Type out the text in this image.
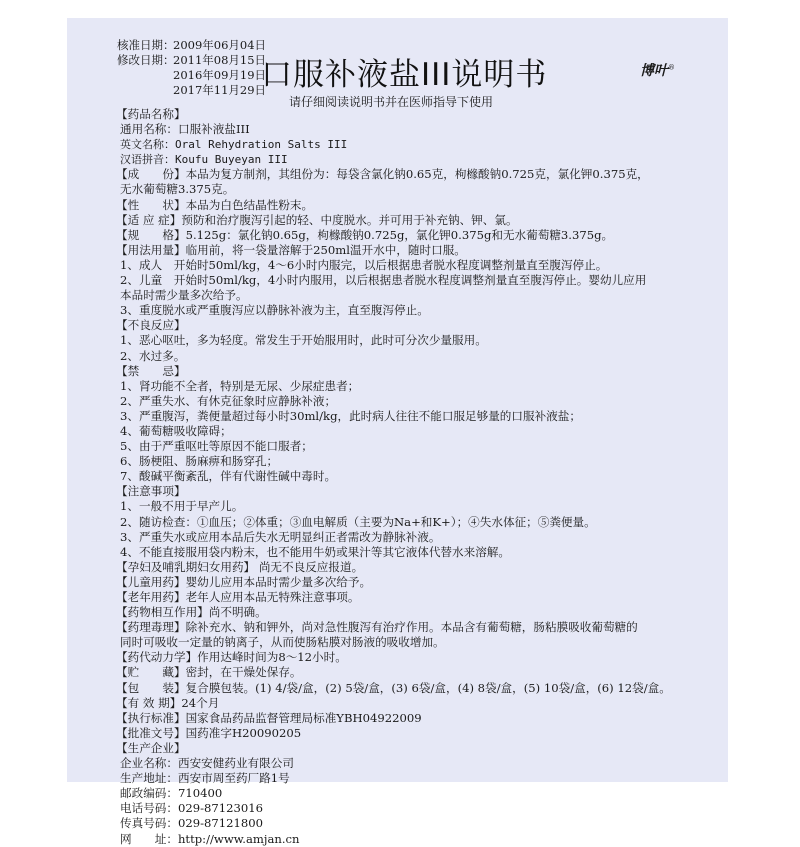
核准日期：
2009年06月04日
修改日期：
2011年08月15日
2016年09月19日
2017年11月29日
口服补液盐III说明书
请仔细阅读说明书并在医师指导下使用
博叶®
【药品名称】
通用名称：口服补液盐III
英文名称：Oral Rehydration Salts III
汉语拼音：Koufu Buyeyan III
【成　　份】本品为复方制剂，其组份为：每袋含氯化钠0.65克，枸橼酸钠0.725克，氯化钾0.375克，
无水葡萄糖3.375克。
【性　　状】本品为白色结晶性粉末。
【适 应 症】预防和治疗腹泻引起的轻、中度脱水。并可用于补充钠、钾、氯。
【规　　格】5.125g：氯化钠0.65g，枸橼酸钠0.725g，氯化钾0.375g和无水葡萄糖3.375g。
【用法用量】临用前，将一袋量溶解于250ml温开水中，随时口服。
1、成人　开始时50ml/kg，4～6小时内服完，以后根据患者脱水程度调整剂量直至腹泻停止。
2、儿童　开始时50ml/kg，4小时内服用，以后根据患者脱水程度调整剂量直至腹泻停止。婴幼儿应用
本品时需少量多次给予。
3、重度脱水或严重腹泻应以静脉补液为主，直至腹泻停止。
【不良反应】
1、恶心呕吐，多为轻度。常发生于开始服用时，此时可分次少量服用。
2、水过多。
【禁　　忌】
1、肾功能不全者，特别是无尿、少尿症患者；
2、严重失水、有休克征象时应静脉补液；
3、严重腹泻，粪便量超过每小时30ml/kg，此时病人往往不能口服足够量的口服补液盐；
4、葡萄糖吸收障碍；
5、由于严重呕吐等原因不能口服者；
6、肠梗阻、肠麻痹和肠穿孔；
7、酸碱平衡紊乱，伴有代谢性碱中毒时。
【注意事项】
1、一般不用于早产儿。
2、随访检查：①血压；②体重；③血电解质（主要为Na+和K+）；④失水体征；⑤粪便量。
3、严重失水或应用本品后失水无明显纠正者需改为静脉补液。
4、不能直接服用袋内粉末，也不能用牛奶或果汁等其它液体代替水来溶解。
【孕妇及哺乳期妇女用药】 尚无不良反应报道。
【儿童用药】婴幼儿应用本品时需少量多次给予。
【老年用药】老年人应用本品无特殊注意事项。
【药物相互作用】尚不明确。
【药理毒理】除补充水、钠和钾外，尚对急性腹泻有治疗作用。本品含有葡萄糖，肠粘膜吸收葡萄糖的
同时可吸收一定量的钠离子，从而使肠粘膜对肠液的吸收增加。
【药代动力学】作用达峰时间为8～12小时。
【贮　　藏】密封，在干燥处保存。
【包　　装】复合膜包装。(1) 4/袋/盒，(2) 5袋/盒，(3) 6袋/盒，(4) 8袋/盒，(5) 10袋/盒，(6) 12袋/盒。
【有 效 期】24个月
【执行标准】国家食品药品监督管理局标准YBH04922009
【批准文号】国药准字H20090205
【生产企业】
企业名称：西安安健药业有限公司
生产地址：西安市周至药厂路1号
邮政编码：710400
电话号码：029-87123016
传真号码：029-87121800
网　　址：http://www.amjan.cn
